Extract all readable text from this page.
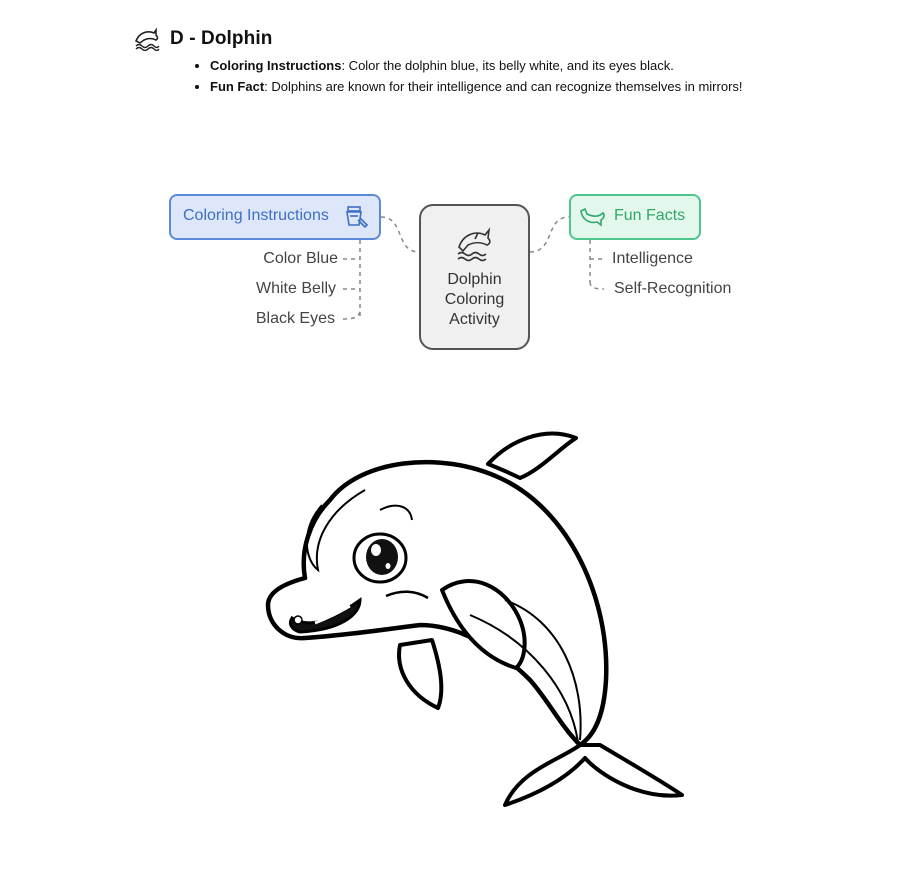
D - Dolphin
• Coloring Instructions: Color the dolphin blue, its belly white, and its eyes black.
• Fun Fact: Dolphins are known for their intelligence and can recognize themselves in mirrors!
Coloring Instructions
Dolphin
Coloring
Activity
Fun Facts
Color Blue
White Belly
Black Eyes
Intelligence
Self-Recognition
